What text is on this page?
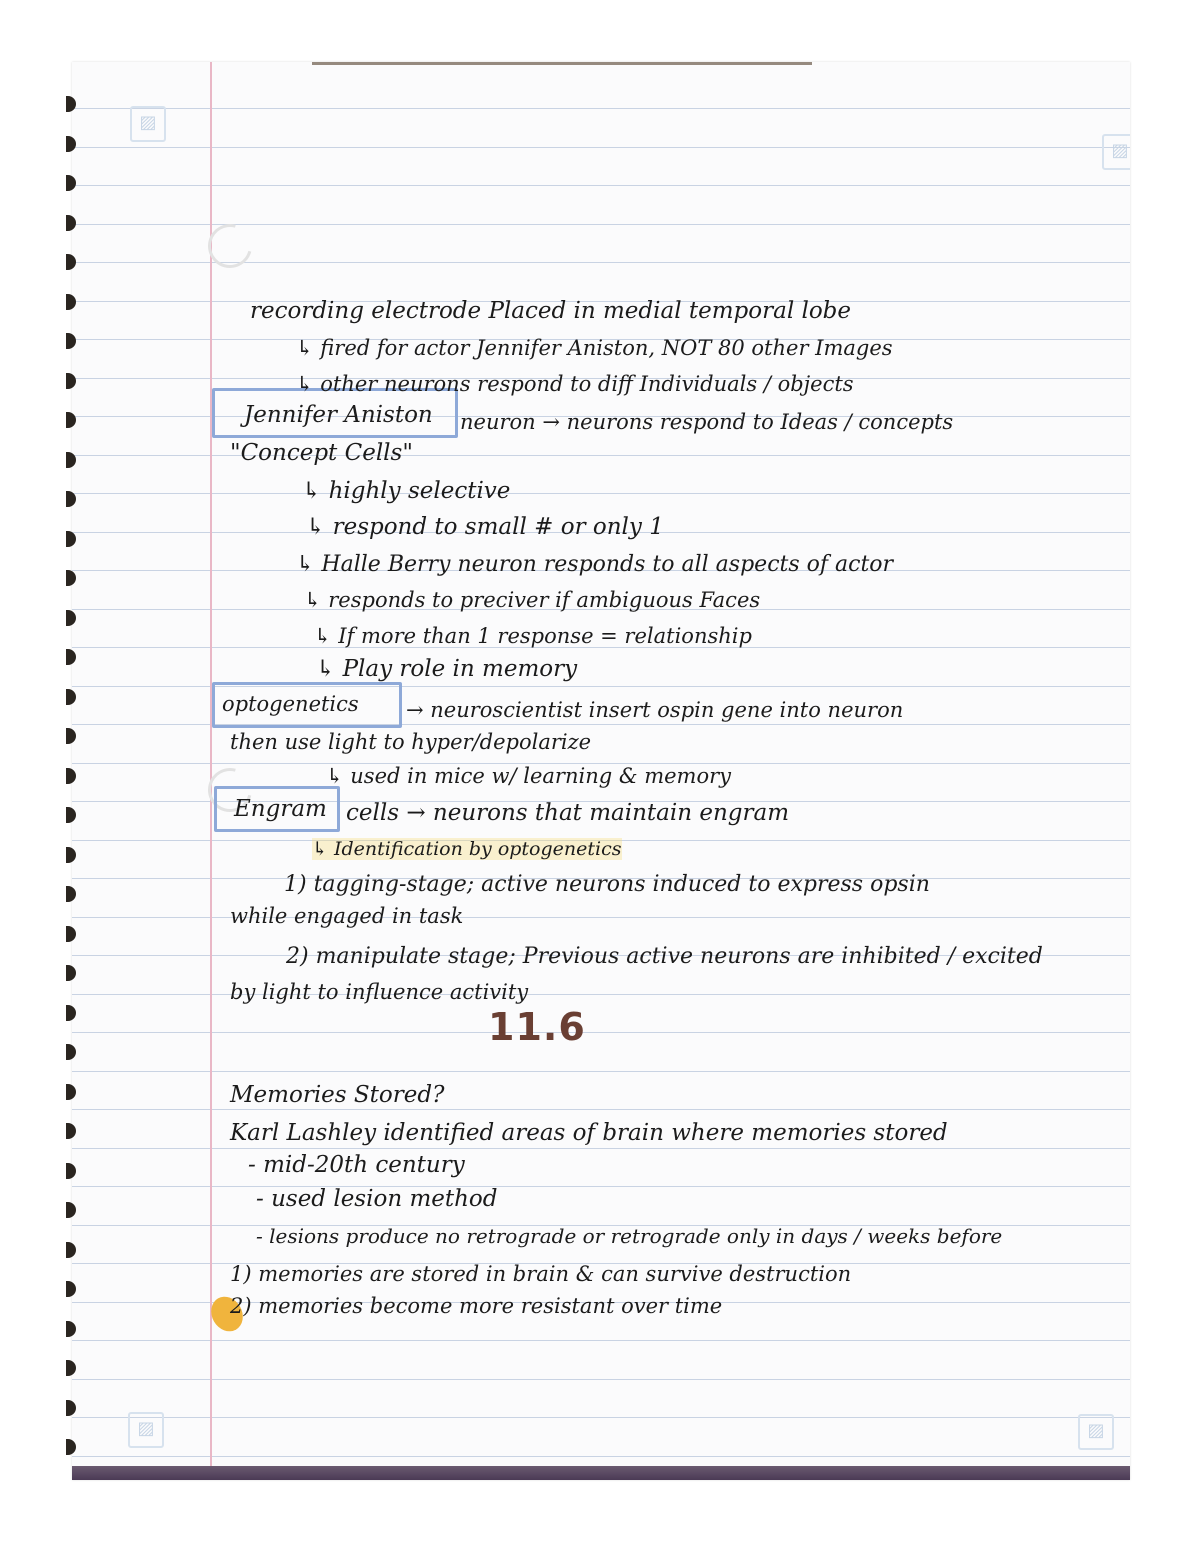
▨
▨
▨	▨
recording electrode Placed in medial temporal lobe
↳ fired for actor Jennifer Aniston, NOT 80 other Images
↳ other neurons respond to diff Individuals / objects
Jennifer Aniston neuron → neurons respond to Ideas / concepts
"Concept Cells"
↳ highly selective
↳ respond to small # or only 1
↳ Halle Berry neuron responds to all aspects of actor
↳ responds to preciver if ambiguous Faces
↳ If more than 1 response = relationship
↳ Play role in memory
optogenetics → neuroscientist insert ospin gene into neuron
then use light to hyper/depolarize
↳ used in mice w/ learning & memory
Engram cells → neurons that maintain engram
↳ Identification by optogenetics
1) tagging-stage; active neurons induced to express opsin
while engaged in task
2) manipulate stage; Previous active neurons are inhibited / excited
by light to influence activity
11.6
Memories Stored?
Karl Lashley identified areas of brain where memories stored
- mid-20th century
- used lesion method
- lesions produce no retrograde or retrograde only in days / weeks before
1) memories are stored in brain & can survive destruction
2) memories become more resistant over time
